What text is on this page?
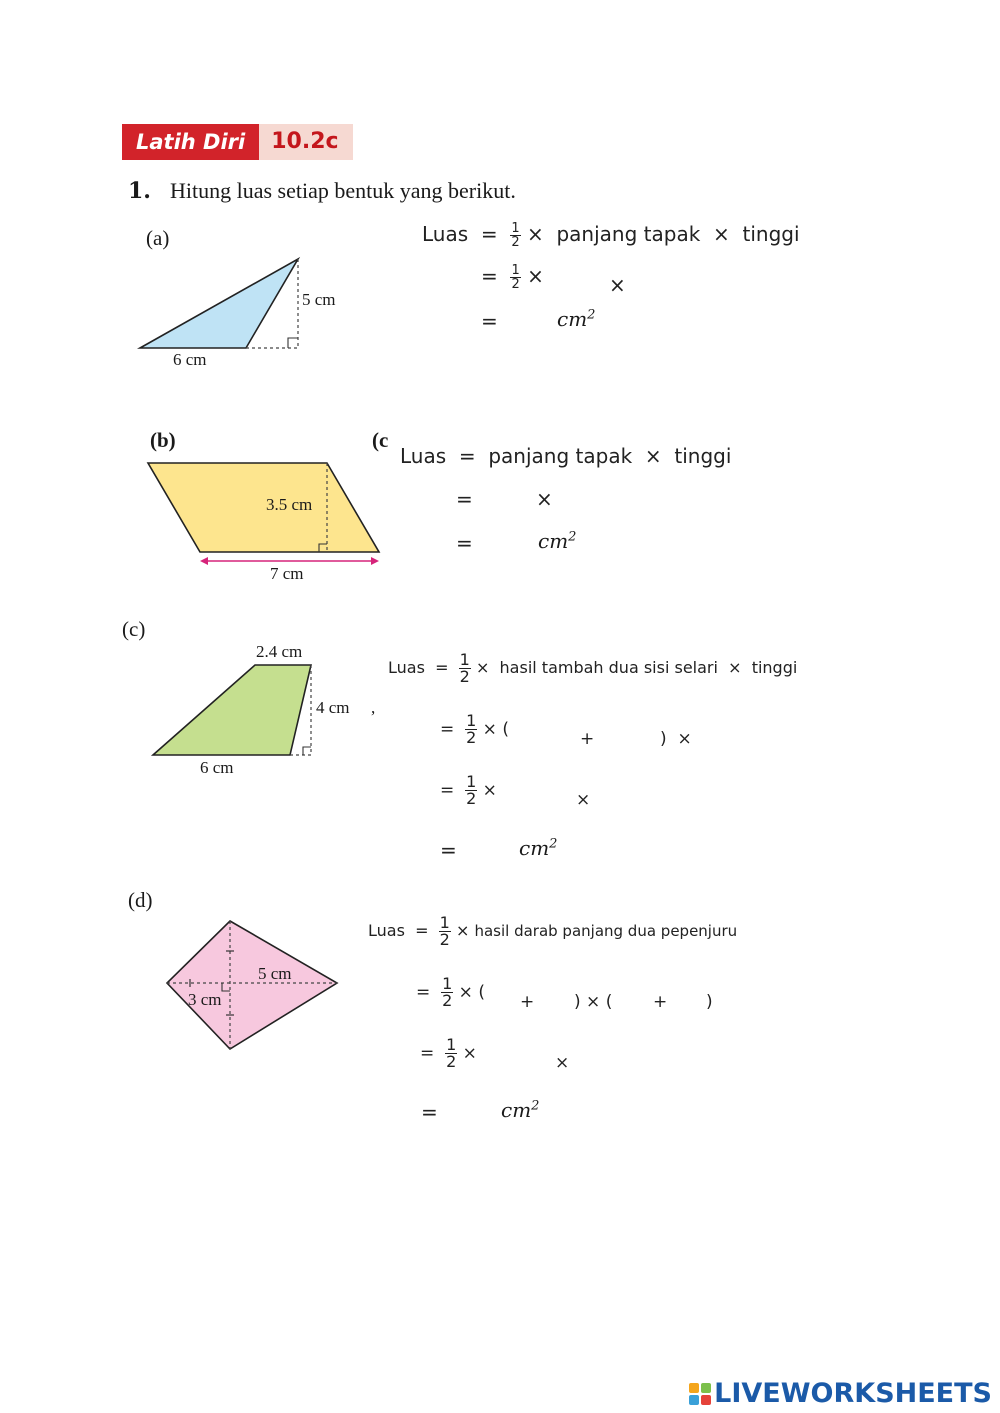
Latih Diri	10.2c
1. Hitung luas setiap bentuk yang berikut.
(a)
5 cm
6 cm
Luas = $\frac{1}{2}$ × panjang tapak × tinggi
= $\frac{1}{2}$ ×	×
=	$cm^2$
(b)	(c
3.5 cm
7 cm
Luas = panjang tapak × tinggi
=	×
=	$cm^2$
(c)
2.4 cm
4 cm
6 cm
,
Luas = $\frac{1}{2}$ × hasil tambah dua sisi selari × tinggi
= $\frac{1}{2}$ × (	+	) ×
= $\frac{1}{2}$ ×	×
=	$cm^2$
(d)
5 cm
3 cm
Luas = $\frac{1}{2}$ × hasil darab panjang dua pepenjuru
= $\frac{1}{2}$ × ( + ) × ( + )
= $\frac{1}{2}$ ×	×
=	$cm^2$
LIVEWORKSHEETS
